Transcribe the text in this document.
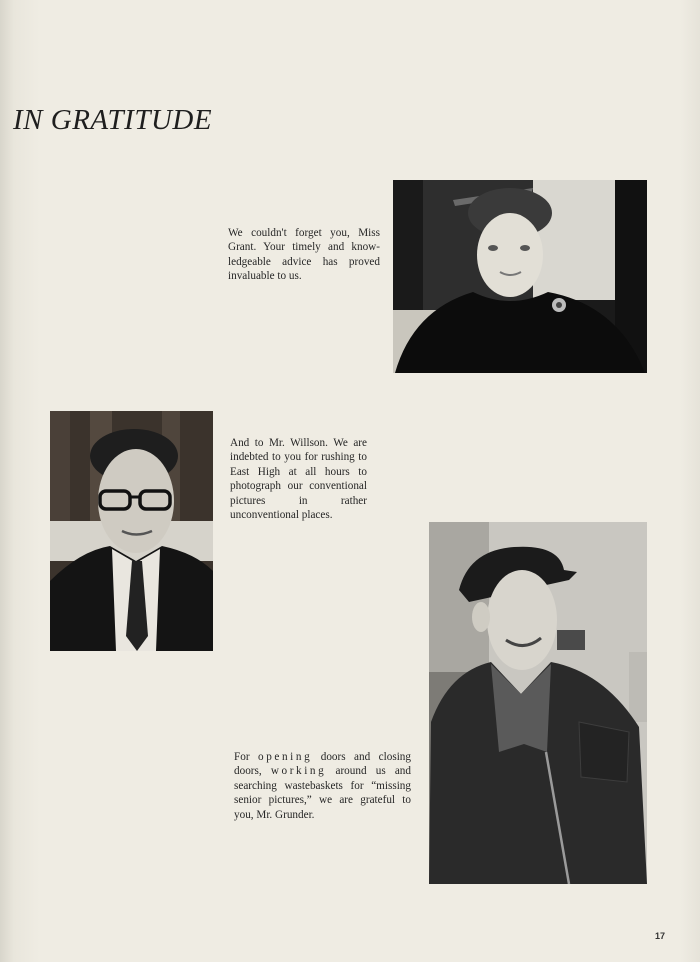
IN GRATITUDE
We couldn't forget you, Miss Grant. Your timely and know-ledgeable advice has proved invaluable to us.
And to Mr. Willson. We are indebted to you for rushing to East High at all hours to photograph our conventional pictures in rather unconventional places.
For opening doors and closing doors, working around us and searching wastebaskets for “missing senior pictures,” we are grateful to you, Mr. Grunder.
17
